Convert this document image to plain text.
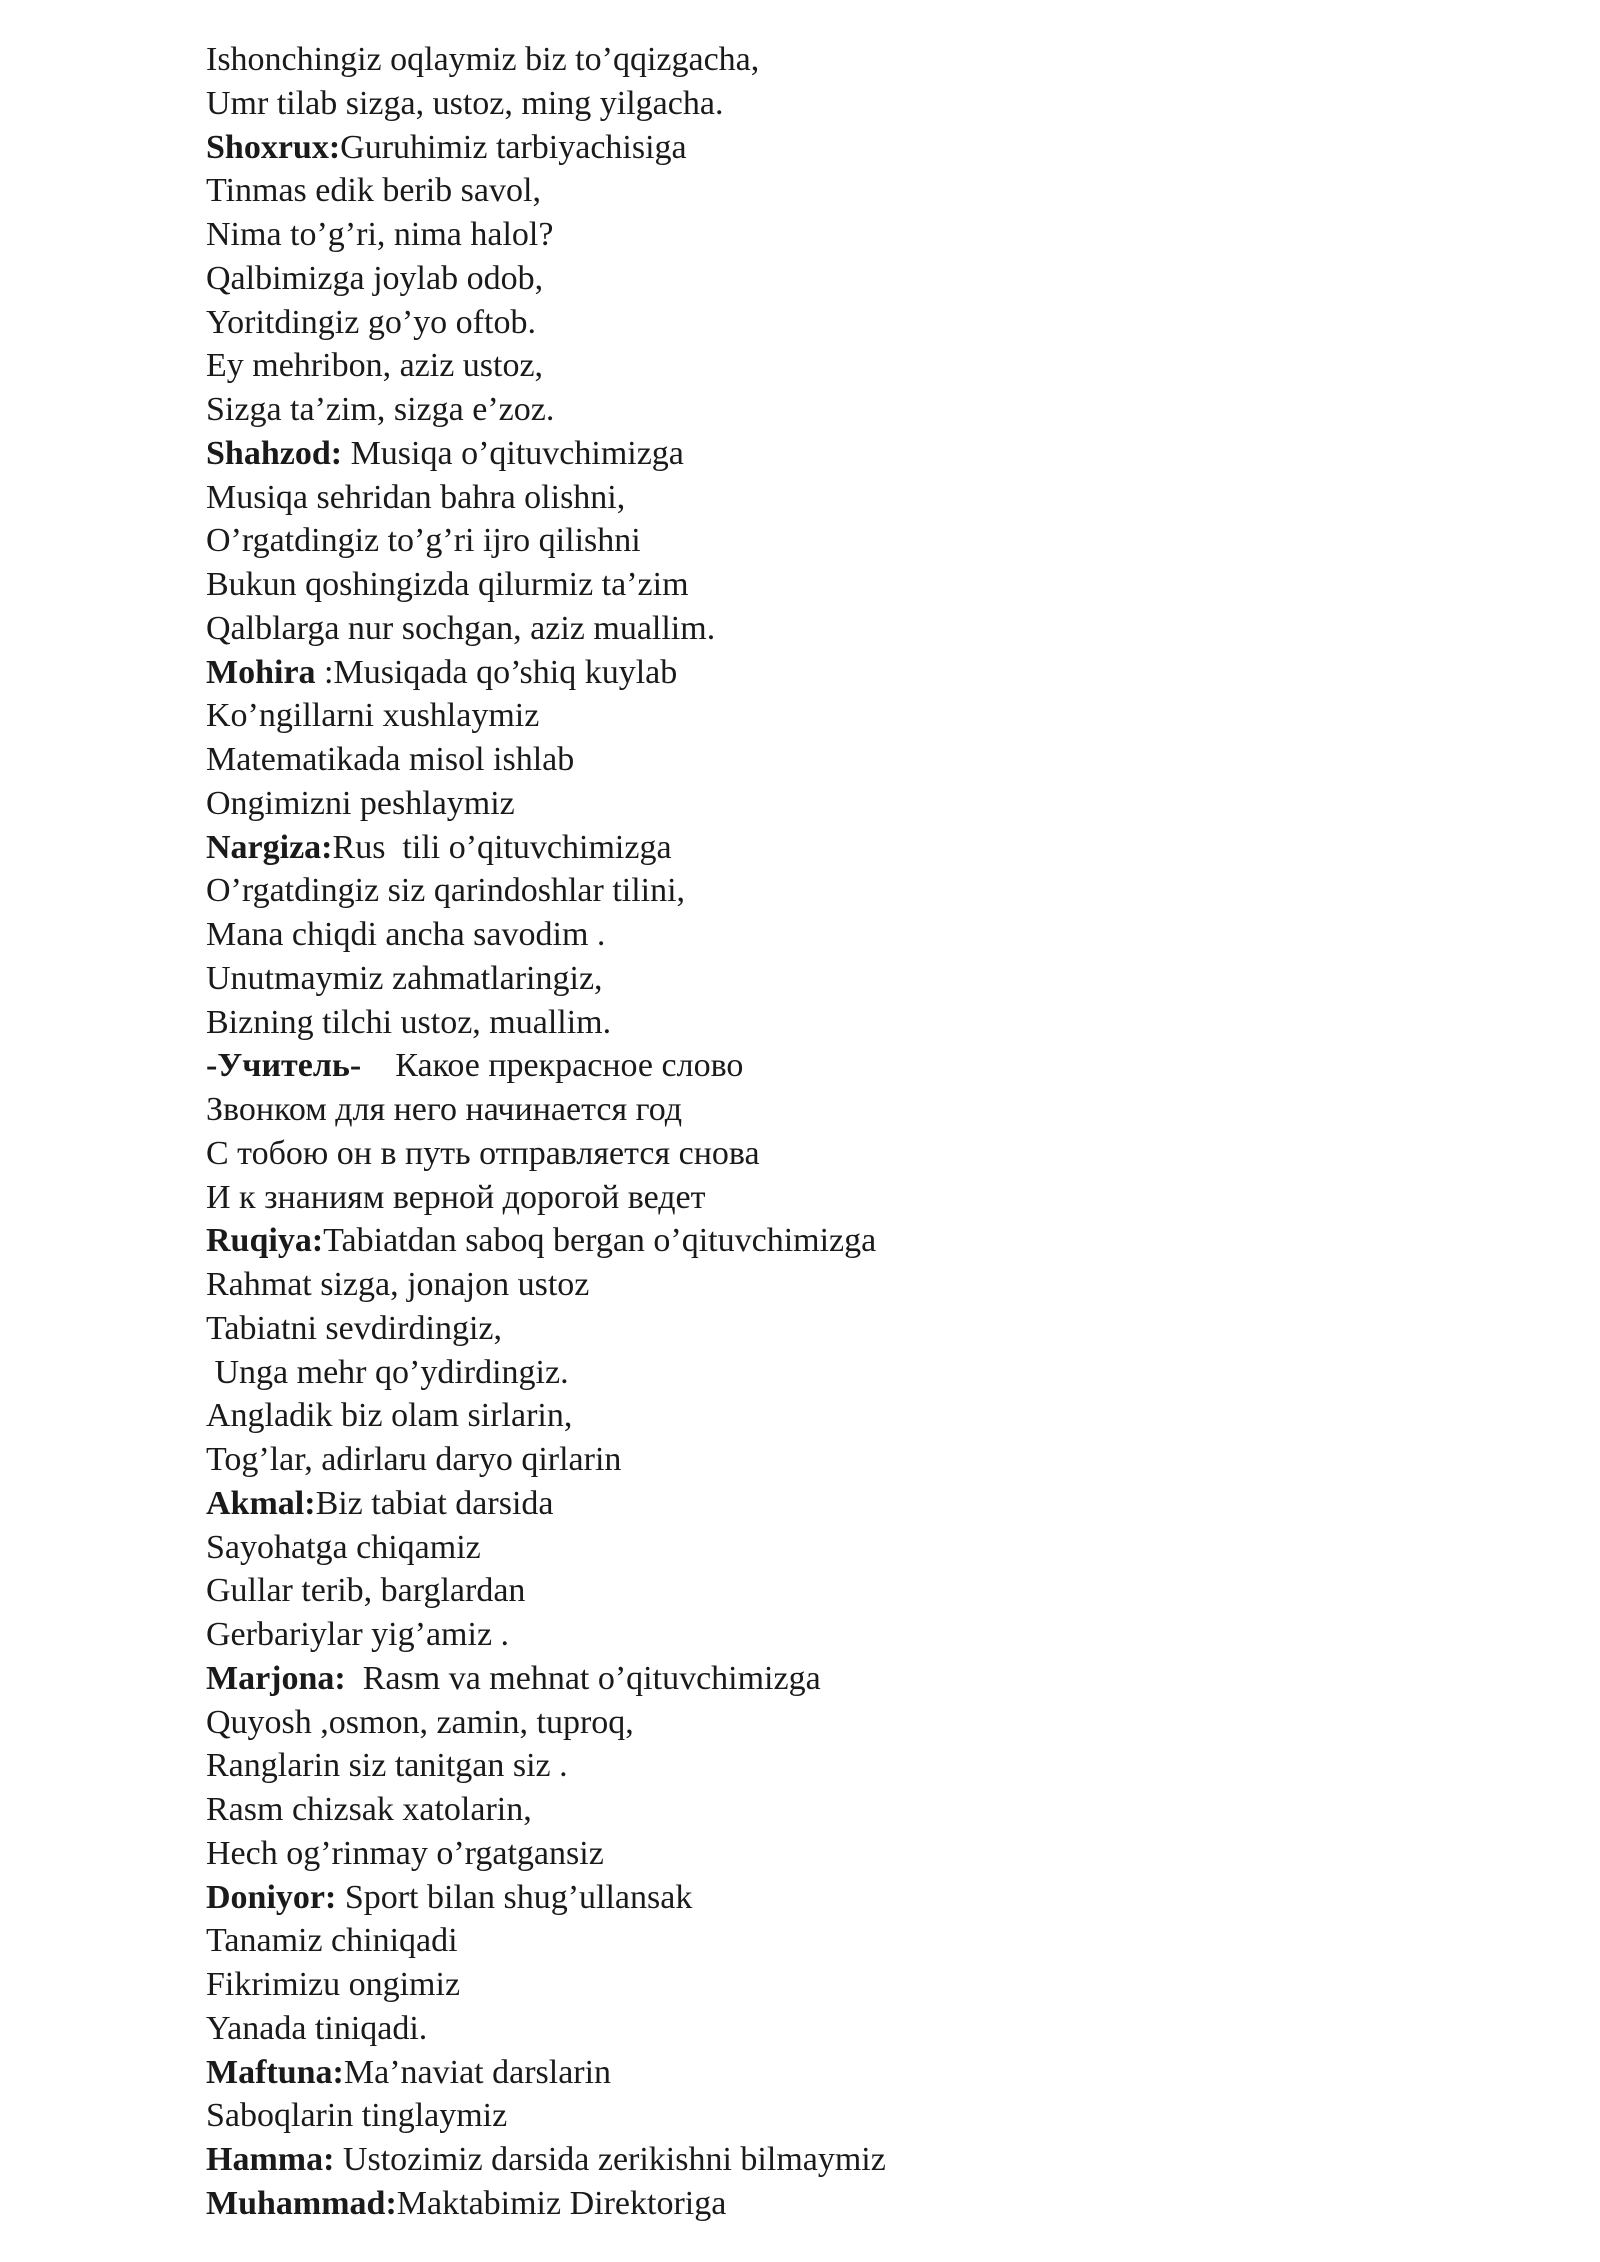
Ishonchingiz oqlaymiz biz to’qqizgacha,
Umr tilab sizga, ustoz, ming yilgacha.
Shoxrux:Guruhimiz tarbiyachisiga
Tinmas edik berib savol,
Nima to’g’ri, nima halol?
Qalbimizga joylab odob,
Yoritdingiz go’yo oftob.
Ey mehribon, aziz ustoz,
Sizga ta’zim, sizga e’zoz.
Shahzod: Musiqa o’qituvchimizga
Musiqa sehridan bahra olishni,
O’rgatdingiz to’g’ri ijro qilishni
Bukun qoshingizda qilurmiz ta’zim
Qalblarga nur sochgan, aziz muallim.
Mohira :Musiqada qo’shiq kuylab
Ko’ngillarni xushlaymiz
Matematikada misol ishlab
Ongimizni peshlaymiz
Nargiza:Rus  tili o’qituvchimizga
O’rgatdingiz siz qarindoshlar tilini,
Mana chiqdi ancha savodim .
Unutmaymiz zahmatlaringiz,
Bizning tilchi ustoz, muallim.
-Учитель-    Какое прекрасное слово
Звонком для него начинается год
С тобою он в путь отправляется снова
И к знаниям верной дорогой ведет
Ruqiya:Tabiatdan saboq bergan o’qituvchimizga
Rahmat sizga, jonajon ustoz
Tabiatni sevdirdingiz,
Unga mehr qo’ydirdingiz.
Angladik biz olam sirlarin,
Tog’lar, adirlaru daryo qirlarin
Akmal:Biz tabiat darsida
Sayohatga chiqamiz
Gullar terib, barglardan
Gerbariylar yig’amiz .
Marjona:  Rasm va mehnat o’qituvchimizga
Quyosh ,osmon, zamin, tuproq,
Ranglarin siz tanitgan siz .
Rasm chizsak xatolarin,
Hech og’rinmay o’rgatgansiz
Doniyor: Sport bilan shug’ullansak
Tanamiz chiniqadi
Fikrimizu ongimiz
Yanada tiniqadi.
Maftuna:Ma’naviat darslarin
Saboqlarin tinglaymiz
Hamma: Ustozimiz darsida zerikishni bilmaymiz
Muhammad:Maktabimiz Direktoriga
